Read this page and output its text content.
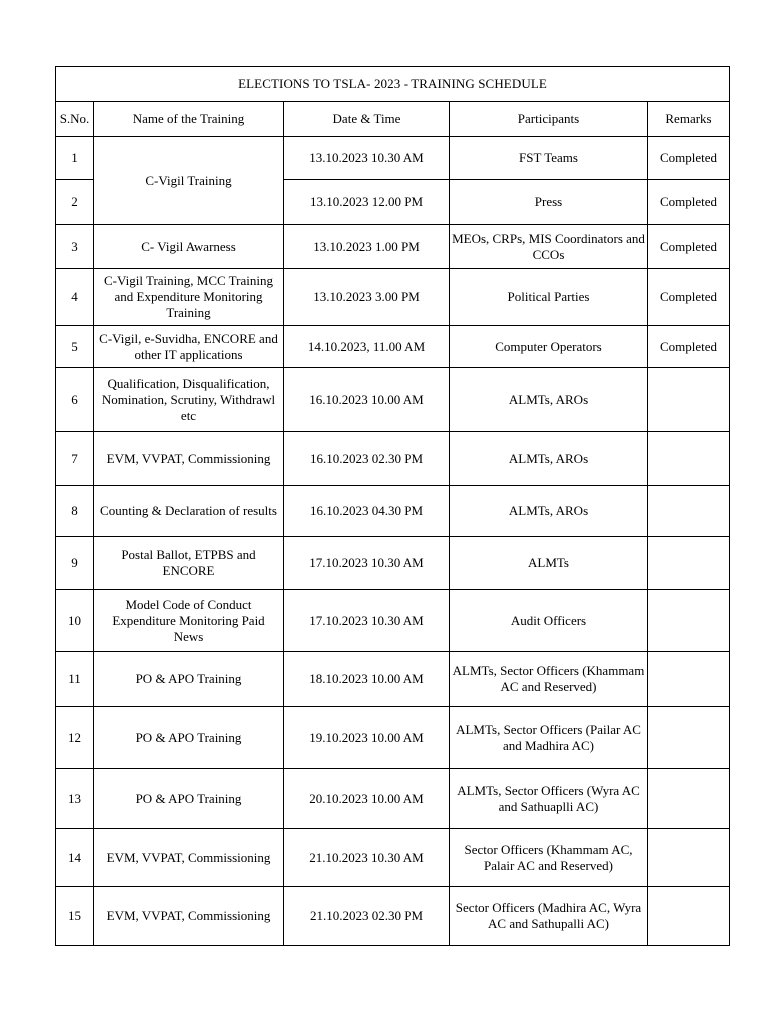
ELECTIONS TO TSLA- 2023 - TRAINING SCHEDULE				
S.No.	Name of the Training	Date & Time	Participants	Remarks
1	C-Vigil Training	13.10.2023 10.30 AM	FST Teams	Completed
2		13.10.2023 12.00 PM	Press	Completed
3	C- Vigil Awarness	13.10.2023 1.00 PM	MEOs, CRPs, MIS Coordinators and CCOs	Completed
4	C-Vigil Training, MCC Training and Expenditure Monitoring Training	13.10.2023 3.00 PM	Political Parties	Completed
5	C-Vigil, e-Suvidha, ENCORE and other IT applications	14.10.2023, 11.00 AM	Computer Operators	Completed
6	Qualification, Disqualification, Nomination, Scrutiny, Withdrawl etc	16.10.2023 10.00 AM	ALMTs, AROs	
7	EVM, VVPAT, Commissioning	16.10.2023 02.30 PM	ALMTs, AROs	
8	Counting & Declaration of results	16.10.2023 04.30 PM	ALMTs, AROs	
9	Postal Ballot, ETPBS and ENCORE	17.10.2023 10.30 AM	ALMTs	
10	Model Code of Conduct Expenditure Monitoring Paid News	17.10.2023 10.30 AM	Audit Officers	
11	PO & APO Training	18.10.2023 10.00 AM	ALMTs, Sector Officers (Khammam AC and Reserved)	
12	PO & APO Training	19.10.2023 10.00 AM	ALMTs, Sector Officers (Pailar AC and Madhira AC)	
13	PO & APO Training	20.10.2023 10.00 AM	ALMTs, Sector Officers (Wyra AC and Sathuaplli AC)	
14	EVM, VVPAT, Commissioning	21.10.2023 10.30 AM	Sector Officers (Khammam AC, Palair AC and Reserved)	
15	EVM, VVPAT, Commissioning	21.10.2023 02.30 PM	Sector Officers (Madhira AC, Wyra AC and Sathupalli AC)	
